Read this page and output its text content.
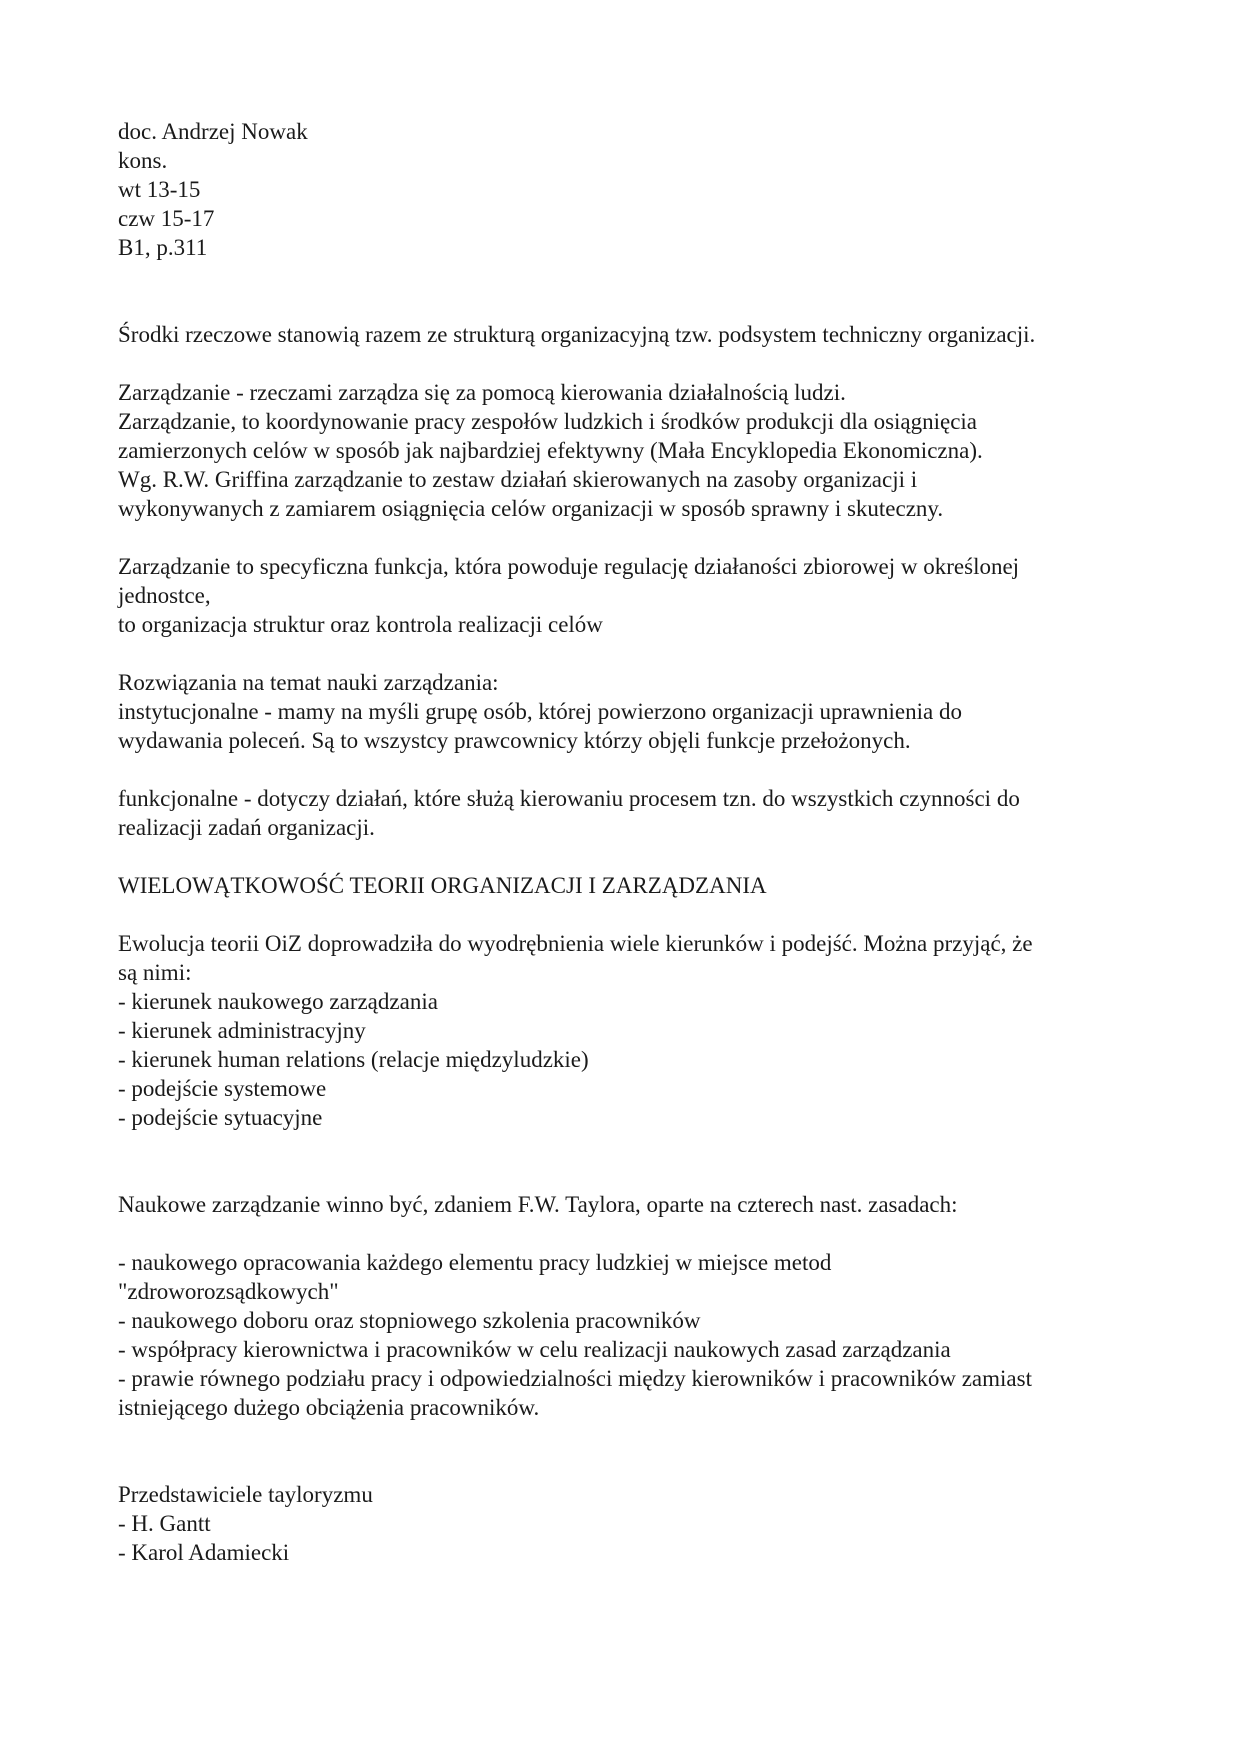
doc. Andrzej Nowak
kons.
wt 13-15
czw 15-17
B1, p.311
Środki rzeczowe stanowią razem ze strukturą organizacyjną tzw. podsystem techniczny organizacji.
Zarządzanie - rzeczami zarządza się za pomocą kierowania działalnością ludzi.
Zarządzanie, to koordynowanie pracy zespołów ludzkich i środków produkcji dla osiągnięcia
zamierzonych celów w sposób jak najbardziej efektywny (Mała Encyklopedia Ekonomiczna).
Wg. R.W. Griffina zarządzanie to zestaw działań skierowanych na zasoby organizacji i
wykonywanych z zamiarem osiągnięcia celów organizacji w sposób sprawny i skuteczny.
Zarządzanie to specyficzna funkcja, która powoduje regulację działaności zbiorowej w określonej
jednostce,
to organizacja struktur oraz kontrola realizacji celów
Rozwiązania na temat nauki zarządzania:
instytucjonalne - mamy na myśli grupę osób, której powierzono organizacji uprawnienia do
wydawania poleceń. Są to wszystcy prawcownicy którzy objęli funkcje przełożonych.
funkcjonalne - dotyczy działań, które służą kierowaniu procesem tzn. do wszystkich czynności do
realizacji zadań organizacji.
WIELOWĄTKOWOŚĆ TEORII ORGANIZACJI I ZARZĄDZANIA
Ewolucja teorii OiZ doprowadziła do wyodrębnienia wiele kierunków i podejść. Można przyjąć, że
są nimi:
- kierunek naukowego zarządzania
- kierunek administracyjny
- kierunek human relations (relacje międzyludzkie)
- podejście systemowe
- podejście sytuacyjne
Naukowe zarządzanie winno być, zdaniem F.W. Taylora, oparte na czterech nast. zasadach:
- naukowego opracowania każdego elementu pracy ludzkiej w miejsce metod
"zdroworozsądkowych"
- naukowego doboru oraz stopniowego szkolenia pracowników
- współpracy kierownictwa i pracowników w celu realizacji naukowych zasad zarządzania
- prawie równego podziału pracy i odpowiedzialności między kierowników i pracowników zamiast
istniejącego dużego obciążenia pracowników.
Przedstawiciele tayloryzmu
- H. Gantt
- Karol Adamiecki
